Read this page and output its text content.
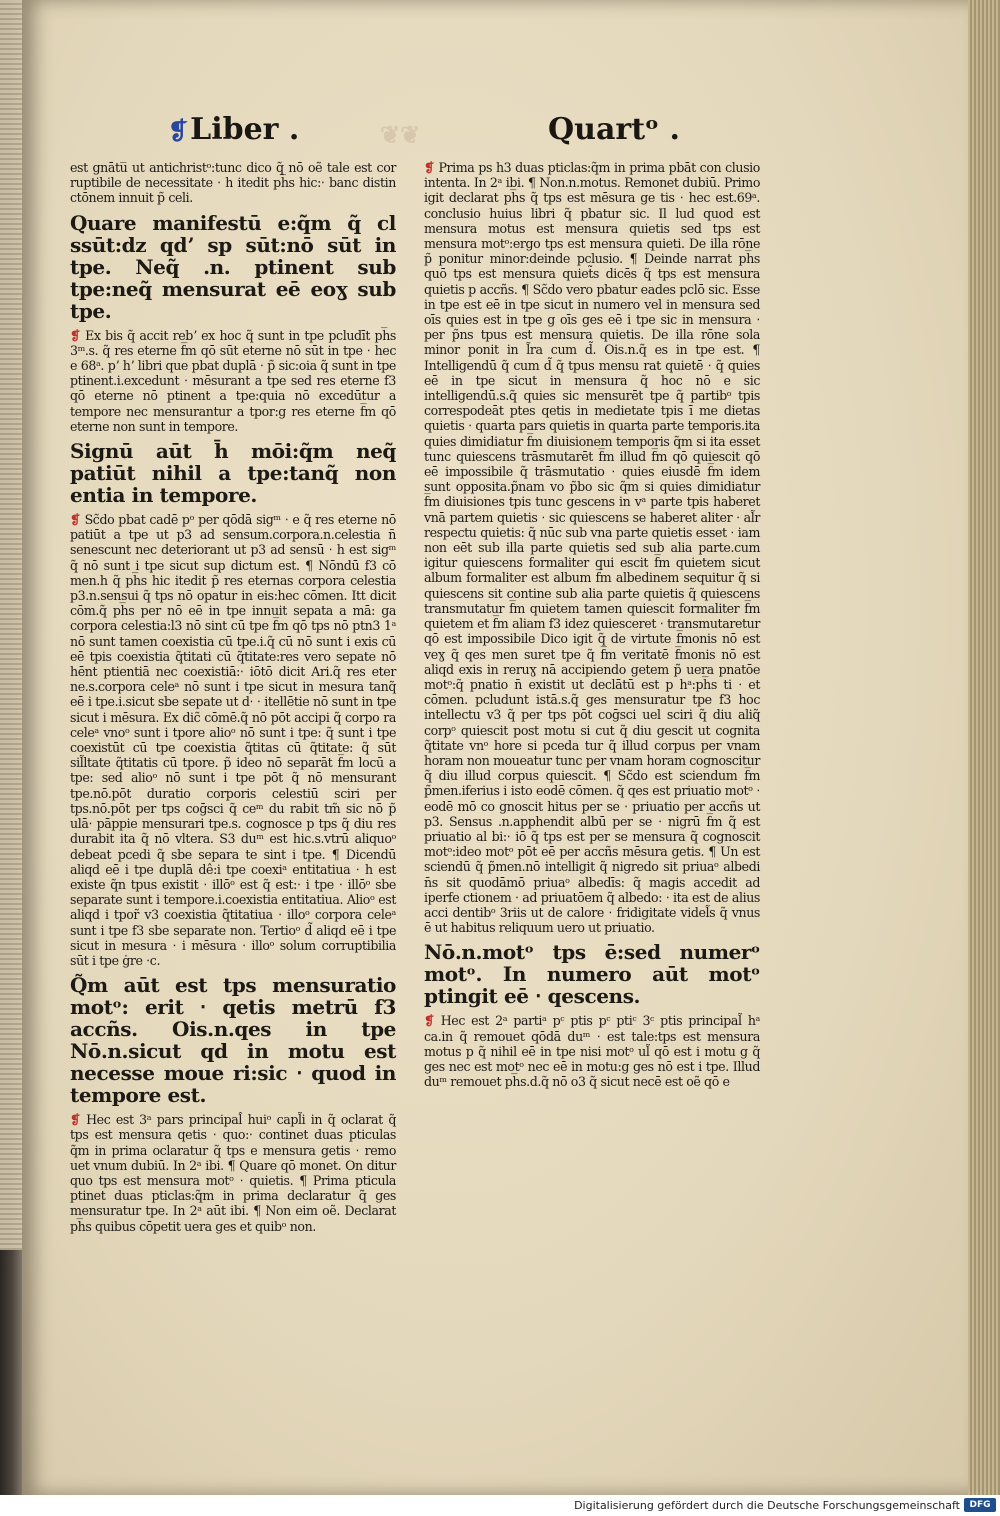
❡Liber .	❦❦	Quartᵒ .

est gnātu̅ ut antichristᵒ:tunc dico q̃ nō oẽ tale est cor ruptibile de necessitate ‧ h itedit ph̅s hic:‧ banc distin ctōnem innuit p̃ celi.

Quare manifestū e:q̃m q̃ cl ssūt:dz qdʼ sp sūt:nō sūt in tpe. Neq̃ .n. ptinent sub tpe:neq̃ mensurat eē eoɣ sub tpe.

❡ Ex bis q̃ accit rebʼ ex hoc q̃ sunt in tpe pcludīt ph̅s 3ᵐ.s. q̃ res eterne f̅m qō sūt eterne nō sūt in tpe ‧ hec e 68ᵃ. pʼ hʼ libri que pbat duplā ‧ p̃ sic:oia q̃ sunt in tpe ptinent.i.excedunt ‧ mēsurant a tpe sed res eterne f3 qō eterne nō ptinent a tpe:quia nō excedūtur a tempore nec mensurantur a tpor:g res eterne f̅m qō eterne non sunt in tempore.

Signū aūt h̄ mōi:q̃m neq̃ patiūt nihil a tpe:tanq̃ non entia in tempore.

❡ Sc̃do pbat cadē pᵒ per qōdā sigᵐ ‧ e q̃ res eterne nō patiūt a tpe ut p3 ad sensum.corpora.n.celestia n̄ senescunt nec deteriorant ut p3 ad sensū ‧ h est sigᵐ q̃ nō sunt i tpe sicut sup dictum est. ¶ Nōndū f3 cō men.h q̃ ph̅s hic itedit p̃ res eternas corpora celestia p3.n.sensui q̃ tps nō opatur in eis:hec cōmen. Itt dicit cōm.q̃ ph̅s per nō eē in tpe innuit sepata a mā: ga corpora celestia:l3 nō sint cū tpe f̅m qō tps nō ptn3 1ᵃ nō sunt tamen coexistia cū tpe.i.q̃ cū nō sunt i exis cū eē tpis coexistia q̃titati cū q̃titate:res vero sepate nō hēnt ptientiā nec coexistiā:‧ iōtō dicit Ari.q̃ res eter ne.s.corpora celeᵃ nō sunt i tpe sicut in mesura tanq̃ eē i tpe.i.sicut sbe sepate ut d‧ ‧ itellētie nō sunt in tpe sicut i mēsura. Ex dic̃ cōmē.q̃ nō pōt accipi q̃ corpo ra celeᵃ vnoᵒ sunt i tpore alioᵒ nō sunt i tpe: q̃ sunt i tpe coexistūt cū tpe coexistia q̃titas cū q̃titate: q̃ sūt sil̃ltate q̃titatis cū tpore. p̃ ideo nō separāt f̅m locū a tpe: sed alioᵒ nō sunt i tpe pōt q̃ nō mensurant tpe.nō.pōt duratio corporis celestiū sciri per tps.nō.pōt per tps coḡsci q̃ ceᵐ du rabit tm̃ sic nō p̃ ulā‧ pāppie mensurari tpe.s. cognosce p tps q̃ diu res durabit ita q̃ nō vltera. S3 duᵐ est hic.s.vtrū aliquoᵒ debeat pcedi q̃ sbe separa te sint i tpe. ¶ Dicendū aliqd eē i tpe duplā dê:i tpe coexiᵃ entitatiua ‧ h est existe q̃n tpus existit ‧ illōᵒ est q̃ est:‧ i tpe ‧ illōᵒ sbe separate sunt i tempore.i.coexistia entitatiua. Alioᵒ est aliqd i tpor̃ v3 coexistia q̃titatiua ‧ illoᵒ corpora celeᵃ sunt i tpe f3 sbe separate non. Tertioᵒ d̃ aliqd eē i tpe sicut in mesura ‧ i mēsura ‧ illoᵒ solum corruptibilia sūt i tpe ġre ‧c.

Q̃m aūt est tps mensuratio motᵒ: erit ‧ qetis metrū f3 accñs. Ois.n.qes in tpe Nō.n.sicut qd in motu est necesse moue ri:sic ‧ quod in tempore est.

❡ Hec est 3ᵃ pars principal̂ huiᵒ capl̃i in q̃ oclarat q̃ tps est mensura qetis ‧ quo:‧ continet duas pticulas q̃m in prima oclaratur q̃ tps e mensura getis ‧ remo uet vnum dubiū. In 2ᵃ ibi. ¶ Quare qō monet. On ditur quo tps est mensura motᵒ ‧ quietis. ¶ Prima pticula ptinet duas pticlas:q̃m in prima declaratur q̃ ges mensuratur tpe. In 2ᵃ aūt ibi. ¶ Non eim oẽ. Declarat ph̅s quibus cōpetit uera ges et quibᵒ non.

❡ Prima ps h3 duas pticlas:q̃m in prima pbāt con clusio intenta. In 2ᵃ ibi. ¶ Non.n.motus. Remonet dubiū. Primo igit declarat ph̅s q̃ tps est mēsura ge tis ‧ hec est.69ᵃ. conclusio huius libri q̃ pbatur sic. Il lud quod est mensura motus est mensura quietis sed tps est mensura motᵒ:ergo tps est mensura quieti. De illa rōne p̃ ponitur minor:deinde pclusio. ¶ Deinde narrat ph̅s quō tps est mensura quiet̃s dicēs q̃ tps est mensura quietis p accñs. ¶ Sc̃do vero pbatur eades pclō sic. Esse in tpe est eē in tpe sicut in numero vel in mensura sed oīs quies est in tpe g oīs ges eē i tpe sic in mensura ‧ per p̃ns tpus est mensura quietis. De illa rōne sola minor ponit in l̃ra cum d̃. Ois.n.q̃ es in tpe est. ¶ Intelligendū q̃ cum d̃ q̃ tpus mensu rat quietē ‧ q̃ quies eē in tpe sicut in mensura q̃ hoc nō e sic intelligendū.s.q̃ quies sic mensurēt tpe q̃ partibᵒ tpis correspodeāt ptes qetis in medietate tpis ī me dietas quietis ‧ quarta pars quietis in quarta parte temporis.ita quies dimidiatur f̅m diuisionem temporis q̃m si ita esset tunc quiescens trāsmutarēt f̅m illud f̅m qō quiescit qō eē impossibile q̃ trāsmutatio ‧ quies eiusdē f̅m idem sunt opposita.p̃nam vo p̃bo sic q̃m si quies dimidiatur f̅m diuisiones tpis tunc gescens in vᵃ parte tpis haberet vnā partem quietis ‧ sic quiescens se haberet aliter ‧ al̃r respectu quietis: q̃ nūc sub vna parte quietis esset ‧ iam non eēt sub illa parte quietis sed sub alia parte.cum igitur quiescens formaliter qui escit f̅m quietem sicut album formaliter est album f̅m albedinem sequitur q̃ si quiescens sit contine sub alia parte quietis q̃ quiescens transmutatur f̅m quietem tamen quiescit formaliter f̅m quietem et f̅m aliam f3 idez quiesceret ‧ transmutaretur qō est impossibile Dico igit q̃ de virtute f̅monis nō est veɣ q̃ qes men suret tpe q̃ f̅m veritatē f̅monis nō est aliqd exis in reruɣ nā accipiendo getem p̃ uera pnatōe motᵒ:q̃ pnatio n̄ existit ut declātū est p hᵃ:ph̅s ti ‧ et cōmen. pcludunt istā.s.q̃ ges mensuratur tpe f3 hoc intellectu v3 q̃ per tps pōt coḡsci uel sciri q̃ diu aliq̃ corpᵒ quiescit post motu si cut q̃ diu gescit ut cognita q̃titate vnᵒ hore si pceda tur q̃ illud corpus per vnam horam non moueatur tunc per vnam horam cognoscitur q̃ diu illud corpus quiescit. ¶ Sc̃do est sciendum f̅m p̃men.iferius i isto eodē cōmen. q̃ qes est priuatio motᵒ ‧ eodē mō co gnoscit hitus per se ‧ priuatio per accñs ut p3. Sensus .n.apphendit albū per se ‧ nigrū f̅m q̃ est priuatio al bi:‧ iō q̃ tps est per se mensura q̃ cognoscit motᵒ:ideo motᵒ pōt eē per accñs mēsura getis. ¶ Un est sciendū q̃ p̃men.nō intelligit q̃ nigredo sit priuaᵒ albedi n̄s sit quodāmō priuaᵒ albedīs: q̃ magis accedit ad iperfe ctionem ‧ ad priuatōem q̃ albedo: ‧ ita est de alius acci dentibᵒ 3riis ut de calore ‧ fridigitate videl̃s q̃ vnus ē ut habitus reliquum uero ut priuatio.

Nō.n.motᵒ tps ē:sed numerᵒ motᵒ. In numero aūt motᵒ ptingit eē ‧ qescens.

❡ Hec est 2ᵃ partiᵃ pᶜ ptis pᶜ ptiᶜ 3ᶜ ptis principal̃ hᵃ ca.in q̃ remouet qōdā duᵐ ‧ est tale:tps est mensura motus p q̃ nihil eē in tpe nisi motᵒ ul̃ qō est i motu g q̃ ges nec est motᵒ nec eē in motu:g ges nō est i tpe. Illud duᵐ remouet ph̅s.d.q̃ nō o3 q̃ sicut necē est oẽ qō e

Digitalisierung gefördert durch die Deutsche Forschungsgemeinschaft	DFG
